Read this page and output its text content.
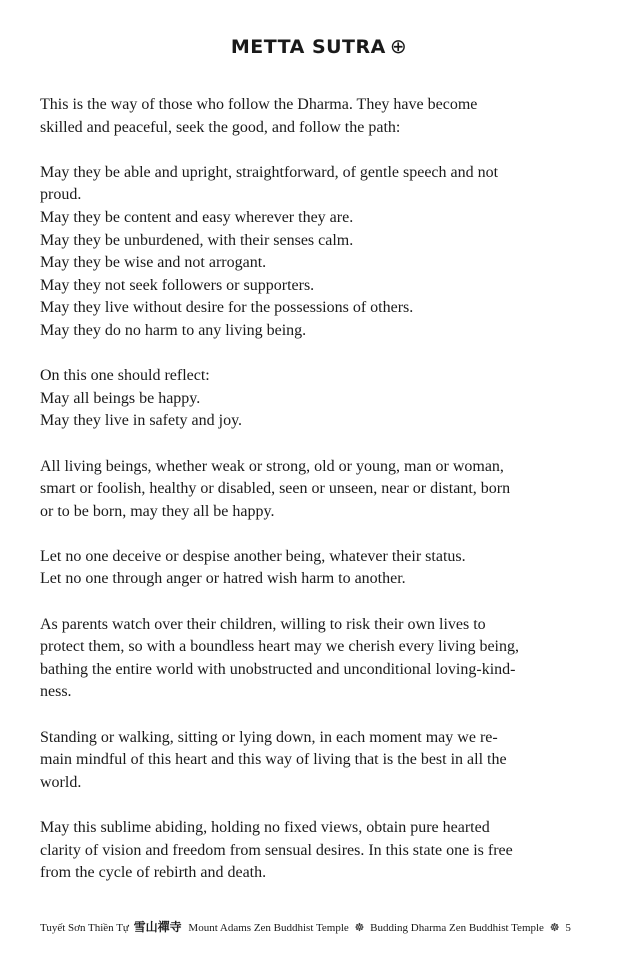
METTA SUTRA ⊕

This is the way of those who follow the Dharma. They have become
skilled and peaceful, seek the good, and follow the path:

May they be able and upright, straightforward, of gentle speech and not
proud.
May they be content and easy wherever they are.
May they be unburdened, with their senses calm.
May they be wise and not arrogant.
May they not seek followers or supporters.
May they live without desire for the possessions of others.
May they do no harm to any living being.

On this one should reflect:
May all beings be happy.
May they live in safety and joy.

All living beings, whether weak or strong, old or young, man or woman,
smart or foolish, healthy or disabled, seen or unseen, near or distant, born
or to be born, may they all be happy.

Let no one deceive or despise another being, whatever their status.
Let no one through anger or hatred wish harm to another.

As parents watch over their children, willing to risk their own lives to
protect them, so with a boundless heart may we cherish every living being,
bathing the entire world with unobstructed and unconditional loving-kind-
ness.

Standing or walking, sitting or lying down, in each moment may we re-
main mindful of this heart and this way of living that is the best in all the
world.

May this sublime abiding, holding no fixed views, obtain pure hearted
clarity of vision and freedom from sensual desires. In this state one is free
from the cycle of rebirth and death.

Tuyết Sơn Thiền Tự 雪山禪寺 Mount Adams Zen Buddhist Temple ☸ Budding Dharma Zen Buddhist Temple ☸ 5
